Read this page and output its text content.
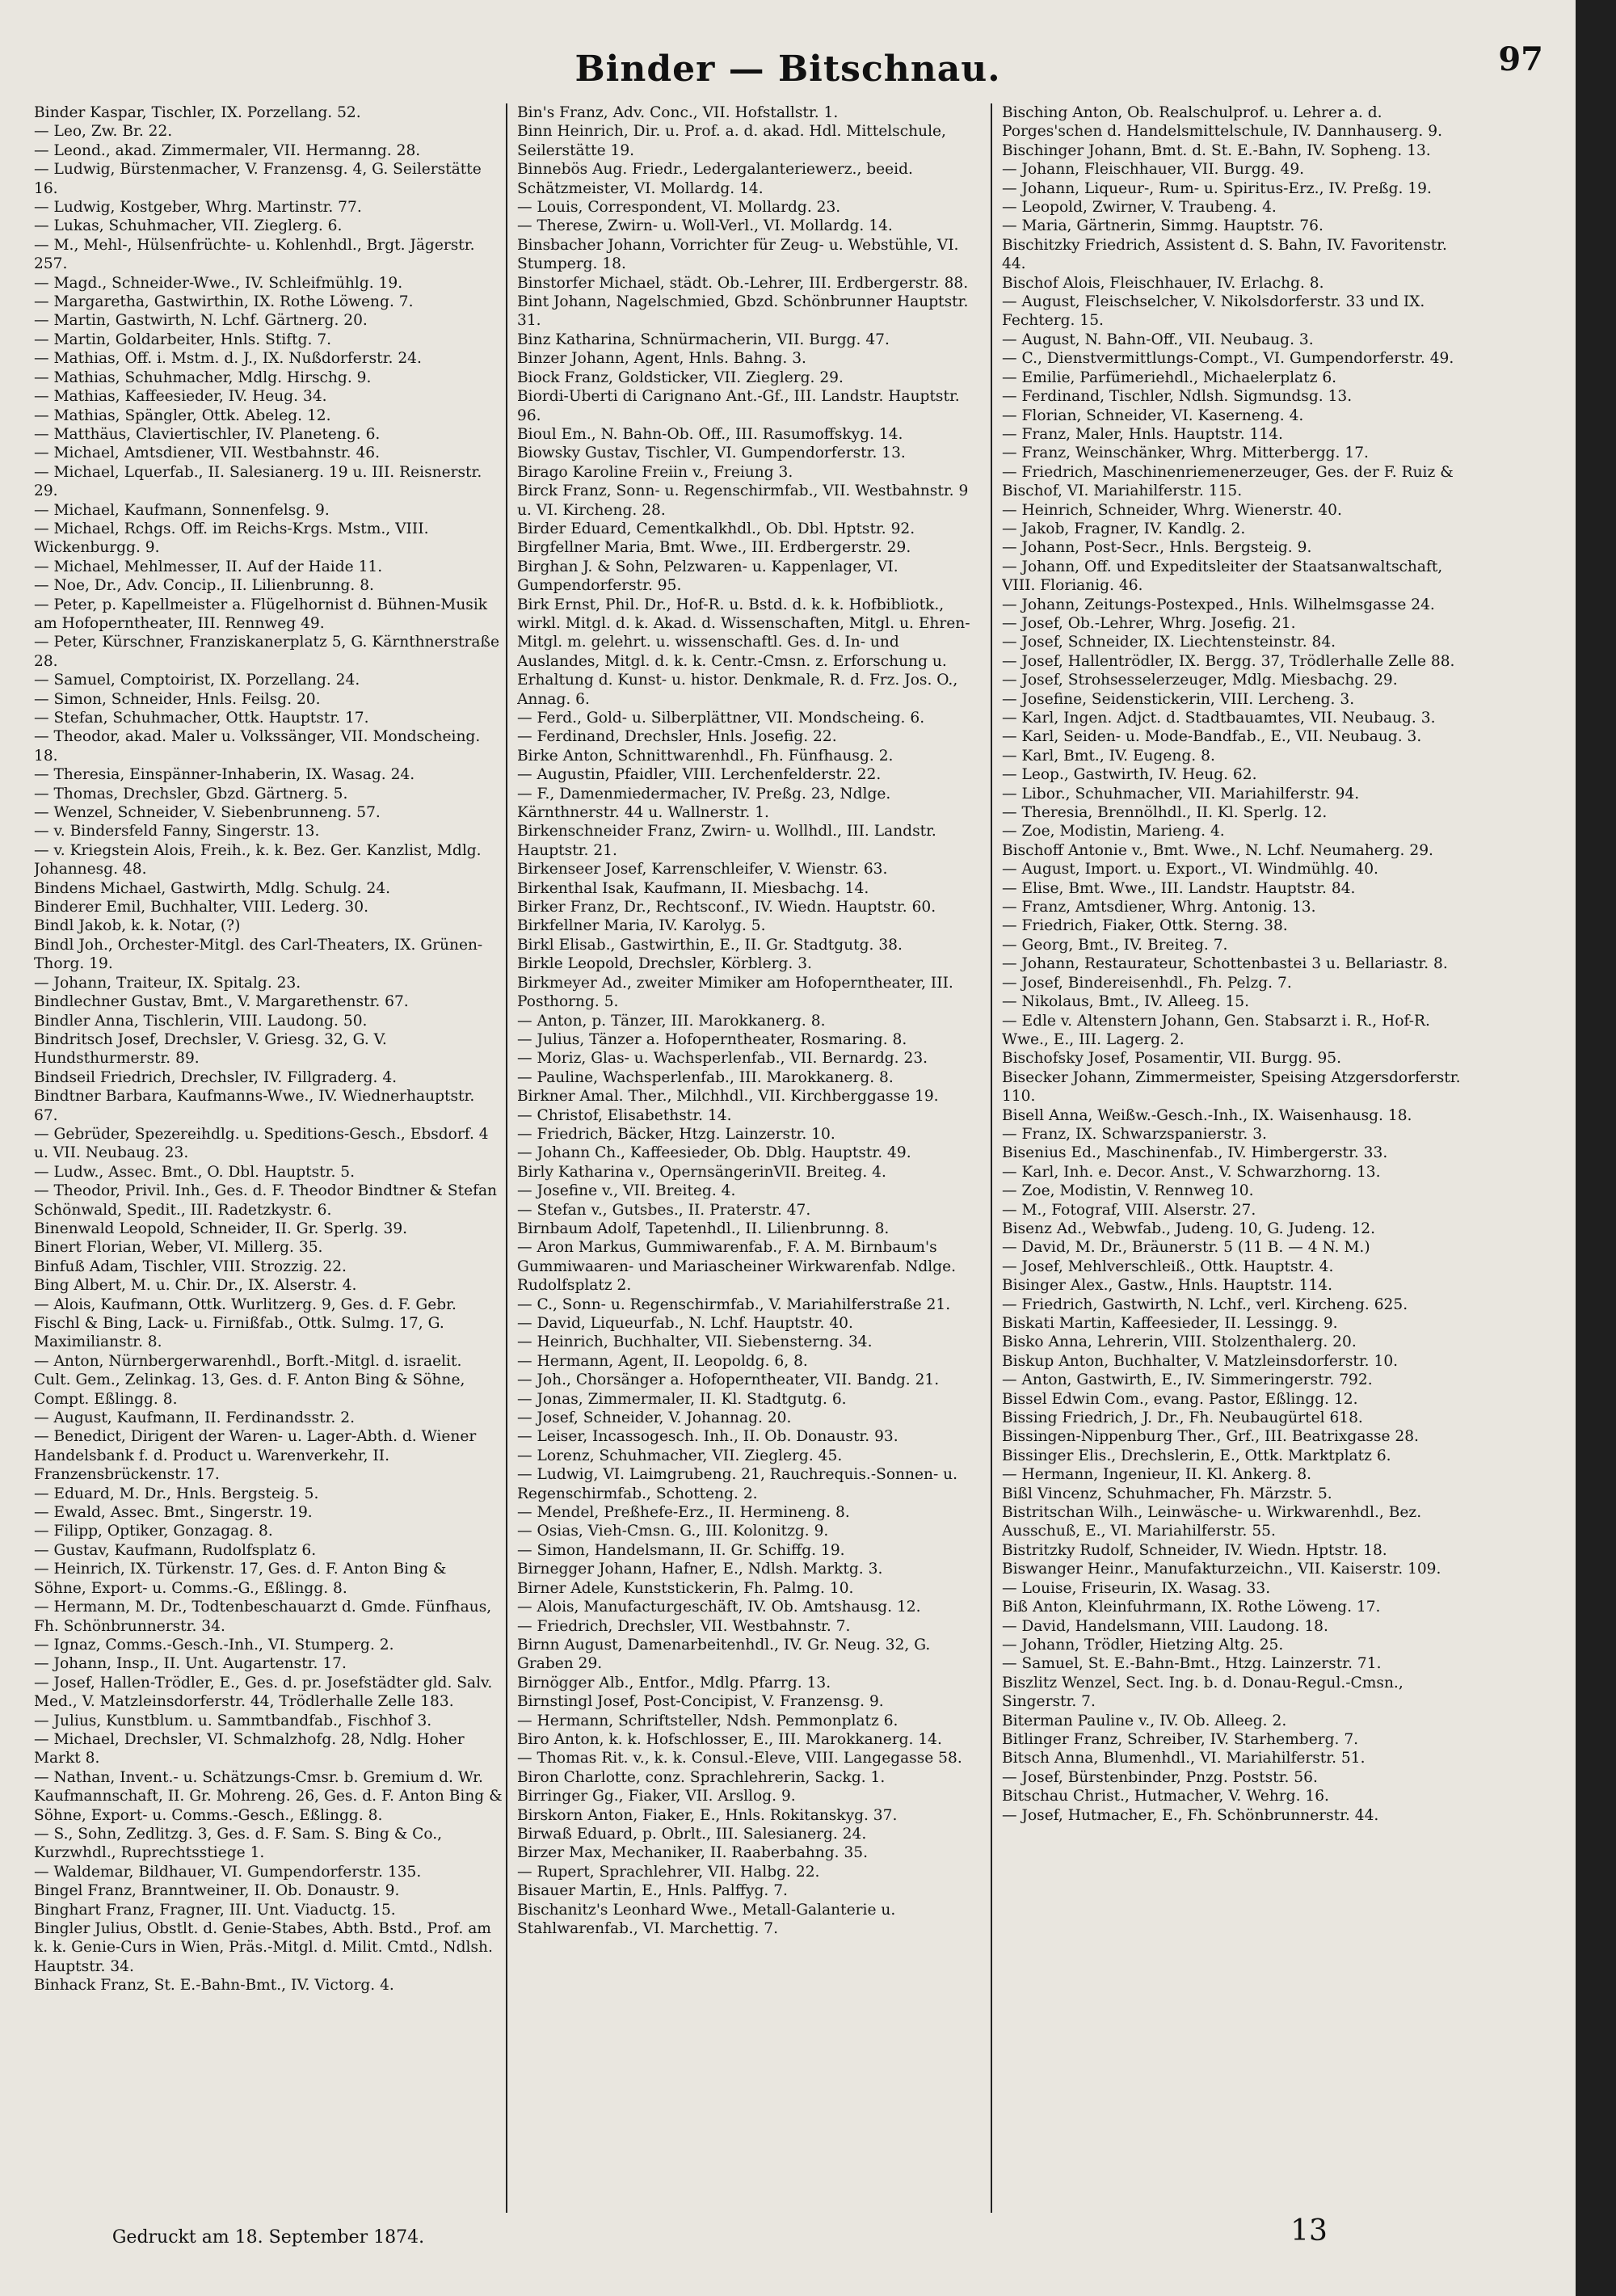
Binder — Bitschnau.	97

Binder Kaspar, Tischler, IX. Porzellang. 52.

— Leo, Zw. Br. 22.

— Leond., akad. Zimmermaler, VII. Hermanng. 28.

— Ludwig, Bürstenmacher, V. Franzensg. 4, G. Seilerstätte 16.

— Ludwig, Kostgeber, Whrg. Martinstr. 77.

— Lukas, Schuhmacher, VII. Zieglerg. 6.

— M., Mehl-, Hülsenfrüchte- u. Kohlenhdl., Brgt. Jägerstr. 257.

— Magd., Schneider-Wwe., IV. Schleifmühlg. 19.

— Margaretha, Gastwirthin, IX. Rothe Löweng. 7.

— Martin, Gastwirth, N. Lchf. Gärtnerg. 20.

— Martin, Goldarbeiter, Hnls. Stiftg. 7.

— Mathias, Off. i. Mstm. d. J., IX. Nußdorferstr. 24.

— Mathias, Schuhmacher, Mdlg. Hirschg. 9.

— Mathias, Kaffeesieder, IV. Heug. 34.

— Mathias, Spängler, Ottk. Abeleg. 12.

— Matthäus, Claviertischler, IV. Planeteng. 6.

— Michael, Amtsdiener, VII. Westbahnstr. 46.

— Michael, Lquerfab., II. Salesianerg. 19 u. III. Reisnerstr. 29.

— Michael, Kaufmann, Sonnenfelsg. 9.

— Michael, Rchgs. Off. im Reichs-Krgs. Mstm., VIII. Wickenburgg. 9.

— Michael, Mehlmesser, II. Auf der Haide 11.

— Noe, Dr., Adv. Concip., II. Lilienbrunng. 8.

— Peter, p. Kapellmeister a. Flügelhornist d. Bühnen-Musik am Hofoperntheater, III. Rennweg 49.

— Peter, Kürschner, Franziskanerplatz 5, G. Kärnthnerstraße 28.

— Samuel, Comptoirist, IX. Porzellang. 24.

— Simon, Schneider, Hnls. Feilsg. 20.

— Stefan, Schuhmacher, Ottk. Hauptstr. 17.

— Theodor, akad. Maler u. Volkssänger, VII. Mondscheing. 18.

— Theresia, Einspänner-Inhaberin, IX. Wasag. 24.

— Thomas, Drechsler, Gbzd. Gärtnerg. 5.

— Wenzel, Schneider, V. Siebenbrunneng. 57.

— v. Bindersfeld Fanny, Singerstr. 13.

— v. Kriegstein Alois, Freih., k. k. Bez. Ger. Kanzlist, Mdlg. Johannesg. 48.

Bindens Michael, Gastwirth, Mdlg. Schulg. 24.

Binderer Emil, Buchhalter, VIII. Lederg. 30.

Bindl Jakob, k. k. Notar, (?)

Bindl Joh., Orchester-Mitgl. des Carl-Theaters, IX. Grünen-Thorg. 19.

— Johann, Traiteur, IX. Spitalg. 23.

Bindlechner Gustav, Bmt., V. Margarethenstr. 67.

Bindler Anna, Tischlerin, VIII. Laudong. 50.

Bindritsch Josef, Drechsler, V. Griesg. 32, G. V. Hundsthurmerstr. 89.

Bindseil Friedrich, Drechsler, IV. Fillgraderg. 4.

Bindtner Barbara, Kaufmanns-Wwe., IV. Wiednerhauptstr. 67.

— Gebrüder, Spezereihdlg. u. Speditions-Gesch., Ebsdorf. 4 u. VII. Neubaug. 23.

— Ludw., Assec. Bmt., O. Dbl. Hauptstr. 5.

— Theodor, Privil. Inh., Ges. d. F. Theodor Bindtner & Stefan Schönwald, Spedit., III. Radetzkystr. 6.

Binenwald Leopold, Schneider, II. Gr. Sperlg. 39.

Binert Florian, Weber, VI. Millerg. 35.

Binfuß Adam, Tischler, VIII. Strozzig. 22.

Bing Albert, M. u. Chir. Dr., IX. Alserstr. 4.

— Alois, Kaufmann, Ottk. Wurlitzerg. 9, Ges. d. F. Gebr. Fischl & Bing, Lack- u. Firnißfab., Ottk. Sulmg. 17, G. Maximilianstr. 8.

— Anton, Nürnbergerwarenhdl., Borft.-Mitgl. d. israelit. Cult. Gem., Zelinkag. 13, Ges. d. F. Anton Bing & Söhne, Compt. Eßlingg. 8.

— August, Kaufmann, II. Ferdinandsstr. 2.

— Benedict, Dirigent der Waren- u. Lager-Abth. d. Wiener Handelsbank f. d. Product u. Warenverkehr, II. Franzensbrückenstr. 17.

— Eduard, M. Dr., Hnls. Bergsteig. 5.

— Ewald, Assec. Bmt., Singerstr. 19.

— Filipp, Optiker, Gonzagag. 8.

— Gustav, Kaufmann, Rudolfsplatz 6.

— Heinrich, IX. Türkenstr. 17, Ges. d. F. Anton Bing & Söhne, Export- u. Comms.-G., Eßlingg. 8.

— Hermann, M. Dr., Todtenbeschauarzt d. Gmde. Fünfhaus, Fh. Schönbrunnerstr. 34.

— Ignaz, Comms.-Gesch.-Inh., VI. Stumperg. 2.

— Johann, Insp., II. Unt. Augartenstr. 17.

— Josef, Hallen-Trödler, E., Ges. d. pr. Josefstädter gld. Salv. Med., V. Matzleinsdorferstr. 44, Trödlerhalle Zelle 183.

— Julius, Kunstblum. u. Sammtbandfab., Fischhof 3.

— Michael, Drechsler, VI. Schmalzhofg. 28, Ndlg. Hoher Markt 8.

— Nathan, Invent.- u. Schätzungs-Cmsr. b. Gremium d. Wr. Kaufmannschaft, II. Gr. Mohreng. 26, Ges. d. F. Anton Bing & Söhne, Export- u. Comms.-Gesch., Eßlingg. 8.

— S., Sohn, Zedlitzg. 3, Ges. d. F. Sam. S. Bing & Co., Kurzwhdl., Ruprechtsstiege 1.

— Waldemar, Bildhauer, VI. Gumpendorferstr. 135.

Bingel Franz, Branntweiner, II. Ob. Donaustr. 9.

Binghart Franz, Fragner, III. Unt. Viaductg. 15.

Bingler Julius, Obstlt. d. Genie-Stabes, Abth. Bstd., Prof. am k. k. Genie-Curs in Wien, Präs.-Mitgl. d. Milit. Cmtd., Ndlsh. Hauptstr. 34.

Binhack Franz, St. E.-Bahn-Bmt., IV. Victorg. 4.

Bin's Franz, Adv. Conc., VII. Hofstallstr. 1.

Binn Heinrich, Dir. u. Prof. a. d. akad. Hdl. Mittelschule, Seilerstätte 19.

Binnebös Aug. Friedr., Ledergalanteriewerz., beeid. Schätzmeister, VI. Mollardg. 14.

— Louis, Correspondent, VI. Mollardg. 23.

— Therese, Zwirn- u. Woll-Verl., VI. Mollardg. 14.

Binsbacher Johann, Vorrichter für Zeug- u. Webstühle, VI. Stumperg. 18.

Binstorfer Michael, städt. Ob.-Lehrer, III. Erdbergerstr. 88.

Bint Johann, Nagelschmied, Gbzd. Schönbrunner Hauptstr. 31.

Binz Katharina, Schnürmacherin, VII. Burgg. 47.

Binzer Johann, Agent, Hnls. Bahng. 3.

Biock Franz, Goldsticker, VII. Zieglerg. 29.

Biordi-Uberti di Carignano Ant.-Gf., III. Landstr. Hauptstr. 96.

Bioul Em., N. Bahn-Ob. Off., III. Rasumoffskyg. 14.

Biowsky Gustav, Tischler, VI. Gumpendorferstr. 13.

Birago Karoline Freiin v., Freiung 3.

Birck Franz, Sonn- u. Regenschirmfab., VII. Westbahnstr. 9 u. VI. Kircheng. 28.

Birder Eduard, Cementkalkhdl., Ob. Dbl. Hptstr. 92.

Birgfellner Maria, Bmt. Wwe., III. Erdbergerstr. 29.

Birghan J. & Sohn, Pelzwaren- u. Kappenlager, VI. Gumpendorferstr. 95.

Birk Ernst, Phil. Dr., Hof-R. u. Bstd. d. k. k. Hofbibliotk., wirkl. Mitgl. d. k. Akad. d. Wissenschaften, Mitgl. u. Ehren-Mitgl. m. gelehrt. u. wissenschaftl. Ges. d. In- und Auslandes, Mitgl. d. k. k. Centr.-Cmsn. z. Erforschung u. Erhaltung d. Kunst- u. histor. Denkmale, R. d. Frz. Jos. O., Annag. 6.

— Ferd., Gold- u. Silberplättner, VII. Mondscheing. 6.

— Ferdinand, Drechsler, Hnls. Josefig. 22.

Birke Anton, Schnittwarenhdl., Fh. Fünfhausg. 2.

— Augustin, Pfaidler, VIII. Lerchenfelderstr. 22.

— F., Damenmiedermacher, IV. Preßg. 23, Ndlge. Kärnthnerstr. 44 u. Wallnerstr. 1.

Birkenschneider Franz, Zwirn- u. Wollhdl., III. Landstr. Hauptstr. 21.

Birkenseer Josef, Karrenschleifer, V. Wienstr. 63.

Birkenthal Isak, Kaufmann, II. Miesbachg. 14.

Birker Franz, Dr., Rechtsconf., IV. Wiedn. Hauptstr. 60.

Birkfellner Maria, IV. Karolyg. 5.

Birkl Elisab., Gastwirthin, E., II. Gr. Stadtgutg. 38.

Birkle Leopold, Drechsler, Körblerg. 3.

Birkmeyer Ad., zweiter Mimiker am Hofoperntheater, III. Posthorng. 5.

— Anton, p. Tänzer, III. Marokkanerg. 8.

— Julius, Tänzer a. Hofoperntheater, Rosmaring. 8.

— Moriz, Glas- u. Wachsperlenfab., VII. Bernardg. 23.

— Pauline, Wachsperlenfab., III. Marokkanerg. 8.

Birkner Amal. Ther., Milchhdl., VII. Kirchberggasse 19.

— Christof, Elisabethstr. 14.

— Friedrich, Bäcker, Htzg. Lainzerstr. 10.

— Johann Ch., Kaffeesieder, Ob. Dblg. Hauptstr. 49.

Birly Katharina v., OpernsängerinVII. Breiteg. 4.

— Josefine v., VII. Breiteg. 4.

— Stefan v., Gutsbes., II. Praterstr. 47.

Birnbaum Adolf, Tapetenhdl., II. Lilienbrunng. 8.

— Aron Markus, Gummiwarenfab., F. A. M. Birnbaum's Gummiwaaren- und Mariascheiner Wirkwarenfab. Ndlge. Rudolfsplatz 2.

— C., Sonn- u. Regenschirmfab., V. Mariahilferstraße 21.

— David, Liqueurfab., N. Lchf. Hauptstr. 40.

— Heinrich, Buchhalter, VII. Siebensterng. 34.

— Hermann, Agent, II. Leopoldg. 6, 8.

— Joh., Chorsänger a. Hofoperntheater, VII. Bandg. 21.

— Jonas, Zimmermaler, II. Kl. Stadtgutg. 6.

— Josef, Schneider, V. Johannag. 20.

— Leiser, Incassogesch. Inh., II. Ob. Donaustr. 93.

— Lorenz, Schuhmacher, VII. Zieglerg. 45.

— Ludwig, VI. Laimgrubeng. 21, Rauchrequis.-Sonnen- u. Regenschirmfab., Schotteng. 2.

— Mendel, Preßhefe-Erz., II. Hermineng. 8.

— Osias, Vieh-Cmsn. G., III. Kolonitzg. 9.

— Simon, Handelsmann, II. Gr. Schiffg. 19.

Birnegger Johann, Hafner, E., Ndlsh. Marktg. 3.

Birner Adele, Kunststickerin, Fh. Palmg. 10.

— Alois, Manufacturgeschäft, IV. Ob. Amtshausg. 12.

— Friedrich, Drechsler, VII. Westbahnstr. 7.

Birnn August, Damenarbeitenhdl., IV. Gr. Neug. 32, G. Graben 29.

Birnögger Alb., Entfor., Mdlg. Pfarrg. 13.

Birnstingl Josef, Post-Concipist, V. Franzensg. 9.

— Hermann, Schriftsteller, Ndsh. Pemmonplatz 6.

Biro Anton, k. k. Hofschlosser, E., III. Marokkanerg. 14.

— Thomas Rit. v., k. k. Consul.-Eleve, VIII. Langegasse 58.

Biron Charlotte, conz. Sprachlehrerin, Sackg. 1.

Birringer Gg., Fiaker, VII. Arsllog. 9.

Birskorn Anton, Fiaker, E., Hnls. Rokitanskyg. 37.

Birwaß Eduard, p. Obrlt., III. Salesianerg. 24.

Birzer Max, Mechaniker, II. Raaberbahng. 35.

— Rupert, Sprachlehrer, VII. Halbg. 22.

Bisauer Martin, E., Hnls. Palffyg. 7.

Bischanitz's Leonhard Wwe., Metall-Galanterie u. Stahlwarenfab., VI. Marchettig. 7.

Bisching Anton, Ob. Realschulprof. u. Lehrer a. d. Porges'schen d. Handelsmittelschule, IV. Dannhauserg. 9.

Bischinger Johann, Bmt. d. St. E.-Bahn, IV. Sopheng. 13.

— Johann, Fleischhauer, VII. Burgg. 49.

— Johann, Liqueur-, Rum- u. Spiritus-Erz., IV. Preßg. 19.

— Leopold, Zwirner, V. Traubeng. 4.

— Maria, Gärtnerin, Simmg. Hauptstr. 76.

Bischitzky Friedrich, Assistent d. S. Bahn, IV. Favoritenstr. 44.

Bischof Alois, Fleischhauer, IV. Erlachg. 8.

— August, Fleischselcher, V. Nikolsdorferstr. 33 und IX. Fechterg. 15.

— August, N. Bahn-Off., VII. Neubaug. 3.

— C., Dienstvermittlungs-Compt., VI. Gumpendorferstr. 49.

— Emilie, Parfümeriehdl., Michaelerplatz 6.

— Ferdinand, Tischler, Ndlsh. Sigmundsg. 13.

— Florian, Schneider, VI. Kaserneng. 4.

— Franz, Maler, Hnls. Hauptstr. 114.

— Franz, Weinschänker, Whrg. Mitterbergg. 17.

— Friedrich, Maschinenriemenerzeuger, Ges. der F. Ruiz & Bischof, VI. Mariahilferstr. 115.

— Heinrich, Schneider, Whrg. Wienerstr. 40.

— Jakob, Fragner, IV. Kandlg. 2.

— Johann, Post-Secr., Hnls. Bergsteig. 9.

— Johann, Off. und Expeditsleiter der Staatsanwaltschaft, VIII. Florianig. 46.

— Johann, Zeitungs-Postexped., Hnls. Wilhelmsgasse 24.

— Josef, Ob.-Lehrer, Whrg. Josefig. 21.

— Josef, Schneider, IX. Liechtensteinstr. 84.

— Josef, Hallentrödler, IX. Bergg. 37, Trödlerhalle Zelle 88.

— Josef, Strohsesselerzeuger, Mdlg. Miesbachg. 29.

— Josefine, Seidenstickerin, VIII. Lercheng. 3.

— Karl, Ingen. Adjct. d. Stadtbauamtes, VII. Neubaug. 3.

— Karl, Seiden- u. Mode-Bandfab., E., VII. Neubaug. 3.

— Karl, Bmt., IV. Eugeng. 8.

— Leop., Gastwirth, IV. Heug. 62.

— Libor., Schuhmacher, VII. Mariahilferstr. 94.

— Theresia, Brennölhdl., II. Kl. Sperlg. 12.

— Zoe, Modistin, Marieng. 4.

Bischoff Antonie v., Bmt. Wwe., N. Lchf. Neumaherg. 29.

— August, Import. u. Export., VI. Windmühlg. 40.

— Elise, Bmt. Wwe., III. Landstr. Hauptstr. 84.

— Franz, Amtsdiener, Whrg. Antonig. 13.

— Friedrich, Fiaker, Ottk. Sterng. 38.

— Georg, Bmt., IV. Breiteg. 7.

— Johann, Restaurateur, Schottenbastei 3 u. Bellariastr. 8.

— Josef, Bindereisenhdl., Fh. Pelzg. 7.

— Nikolaus, Bmt., IV. Alleeg. 15.

— Edle v. Altenstern Johann, Gen. Stabsarzt i. R., Hof-R. Wwe., E., III. Lagerg. 2.

Bischofsky Josef, Posamentir, VII. Burgg. 95.

Bisecker Johann, Zimmermeister, Speising Atzgersdorferstr. 110.

Bisell Anna, Weißw.-Gesch.-Inh., IX. Waisenhausg. 18.

— Franz, IX. Schwarzspanierstr. 3.

Bisenius Ed., Maschinenfab., IV. Himbergerstr. 33.

— Karl, Inh. e. Decor. Anst., V. Schwarzhorng. 13.

— Zoe, Modistin, V. Rennweg 10.

— M., Fotograf, VIII. Alserstr. 27.

Bisenz Ad., Webwfab., Judeng. 10, G. Judeng. 12.

— David, M. Dr., Bräunerstr. 5 (11 B. — 4 N. M.)

— Josef, Mehlverschleiß., Ottk. Hauptstr. 4.

Bisinger Alex., Gastw., Hnls. Hauptstr. 114.

— Friedrich, Gastwirth, N. Lchf., verl. Kircheng. 625.

Biskati Martin, Kaffeesieder, II. Lessingg. 9.

Bisko Anna, Lehrerin, VIII. Stolzenthalerg. 20.

Biskup Anton, Buchhalter, V. Matzleinsdorferstr. 10.

— Anton, Gastwirth, E., IV. Simmeringerstr. 792.

Bissel Edwin Com., evang. Pastor, Eßlingg. 12.

Bissing Friedrich, J. Dr., Fh. Neubaugürtel 618.

Bissingen-Nippenburg Ther., Grf., III. Beatrixgasse 28.

Bissinger Elis., Drechslerin, E., Ottk. Marktplatz 6.

— Hermann, Ingenieur, II. Kl. Ankerg. 8.

Bißl Vincenz, Schuhmacher, Fh. Märzstr. 5.

Bistritschan Wilh., Leinwäsche- u. Wirkwarenhdl., Bez. Ausschuß, E., VI. Mariahilferstr. 55.

Bistritzky Rudolf, Schneider, IV. Wiedn. Hptstr. 18.

Biswanger Heinr., Manufakturzeichn., VII. Kaiserstr. 109.

— Louise, Friseurin, IX. Wasag. 33.

Biß Anton, Kleinfuhrmann, IX. Rothe Löweng. 17.

— David, Handelsmann, VIII. Laudong. 18.

— Johann, Trödler, Hietzing Altg. 25.

— Samuel, St. E.-Bahn-Bmt., Htzg. Lainzerstr. 71.

Biszlitz Wenzel, Sect. Ing. b. d. Donau-Regul.-Cmsn., Singerstr. 7.

Biterman Pauline v., IV. Ob. Alleeg. 2.

Bitlinger Franz, Schreiber, IV. Starhemberg. 7.

Bitsch Anna, Blumenhdl., VI. Mariahilferstr. 51.

— Josef, Bürstenbinder, Pnzg. Poststr. 56.

Bitschau Christ., Hutmacher, V. Wehrg. 16.

— Josef, Hutmacher, E., Fh. Schönbrunnerstr. 44.

Gedruckt am 18. September 1874.	13
